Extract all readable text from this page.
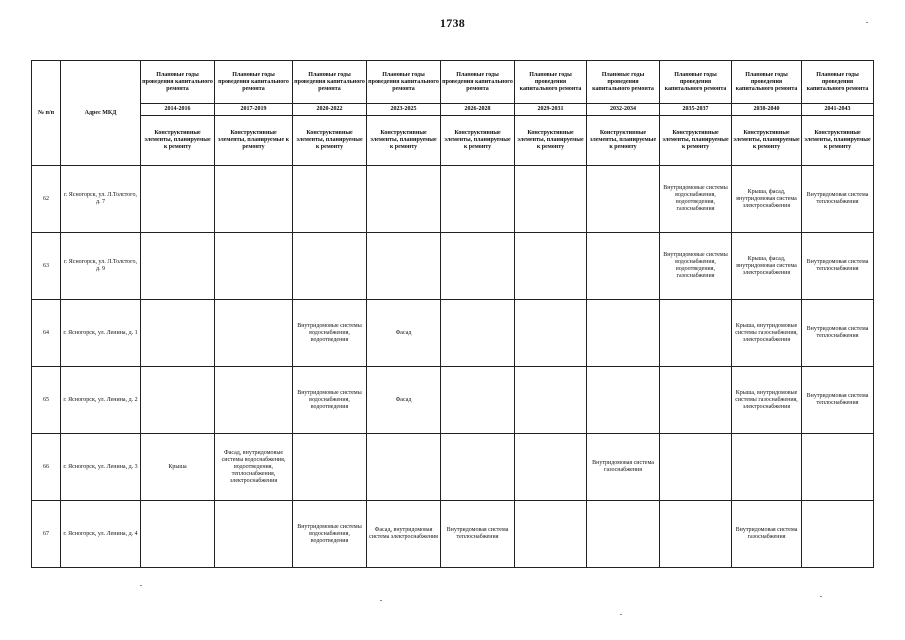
1738
№ п/п	Адрес МКД	Плановые годы проведения капитального ремонта	Плановые годы проведения капитального ремонта	Плановые годы проведения капитального ремонта	Плановые годы проведения капитального ремонта	Плановые годы проведения капитального ремонта	Плановые годы проведения капитального ремонта	Плановые годы проведения капитального ремонта	Плановые годы проведения капитального ремонта	Плановые годы проведения капитального ремонта	Плановые годы проведения капитального ремонта
		2014-2016	2017-2019	2020-2022	2023-2025	2026-2028	2029-2031	2032-2034	2035-2037	2038-2040	2041-2043
		Конструктивные элементы, планируемые к ремонту	Конструктивные элементы, планируемые к ремонту	Конструктивные элементы, планируемые к ремонту	Конструктивные элементы, планируемые к ремонту	Конструктивные элементы, планируемые к ремонту	Конструктивные элементы, планируемые к ремонту	Конструктивные элементы, планируемые к ремонту	Конструктивные элементы, планируемые к ремонту	Конструктивные элементы, планируемые к ремонту	Конструктивные элементы, планируемые к ремонту
62	г. Ясногорск, ул. Л.Толстого, д. 7								Внутридомовые системы водоснабжения, водоотведения, газоснабжения	Крыша, фасад, внутридомовая система электроснабжения	Внутридомовая система теплоснабжения
63	г. Ясногорск, ул. Л.Толстого, д. 9								Внутридомовые системы водоснабжения, водоотведения, газоснабжения	Крыша, фасад, внутридомовая система электроснабжения	Внутридомовая система теплоснабжения
64	г. Ясногорск, ул. Ленина, д. 1			Внутридомовые системы водоснабжения, водоотведения	Фасад					Крыша, внутридомовые системы газоснабжения, электроснабжения	Внутридомовая система теплоснабжения
65	г. Ясногорск, ул. Ленина, д. 2			Внутридомовые системы водоснабжения, водоотведения	Фасад					Крыша, внутридомовые системы газоснабжения, электроснабжения	Внутридомовая система теплоснабжения
66	г. Ясногорск, ул. Ленина, д. 3	Крыша	Фасад, внутридомовые системы водоснабжения, водоотведения, теплоснабжения, электроснабжения					Внутридомовая система газоснабжения			
67	г. Ясногорск, ул. Ленина, д. 4			Внутридомовые системы водоснабжения, водоотведения	Фасад, внутридомовая система электроснабжения	Внутридомовая система теплоснабжения				Внутридомовая система газоснабжения	
